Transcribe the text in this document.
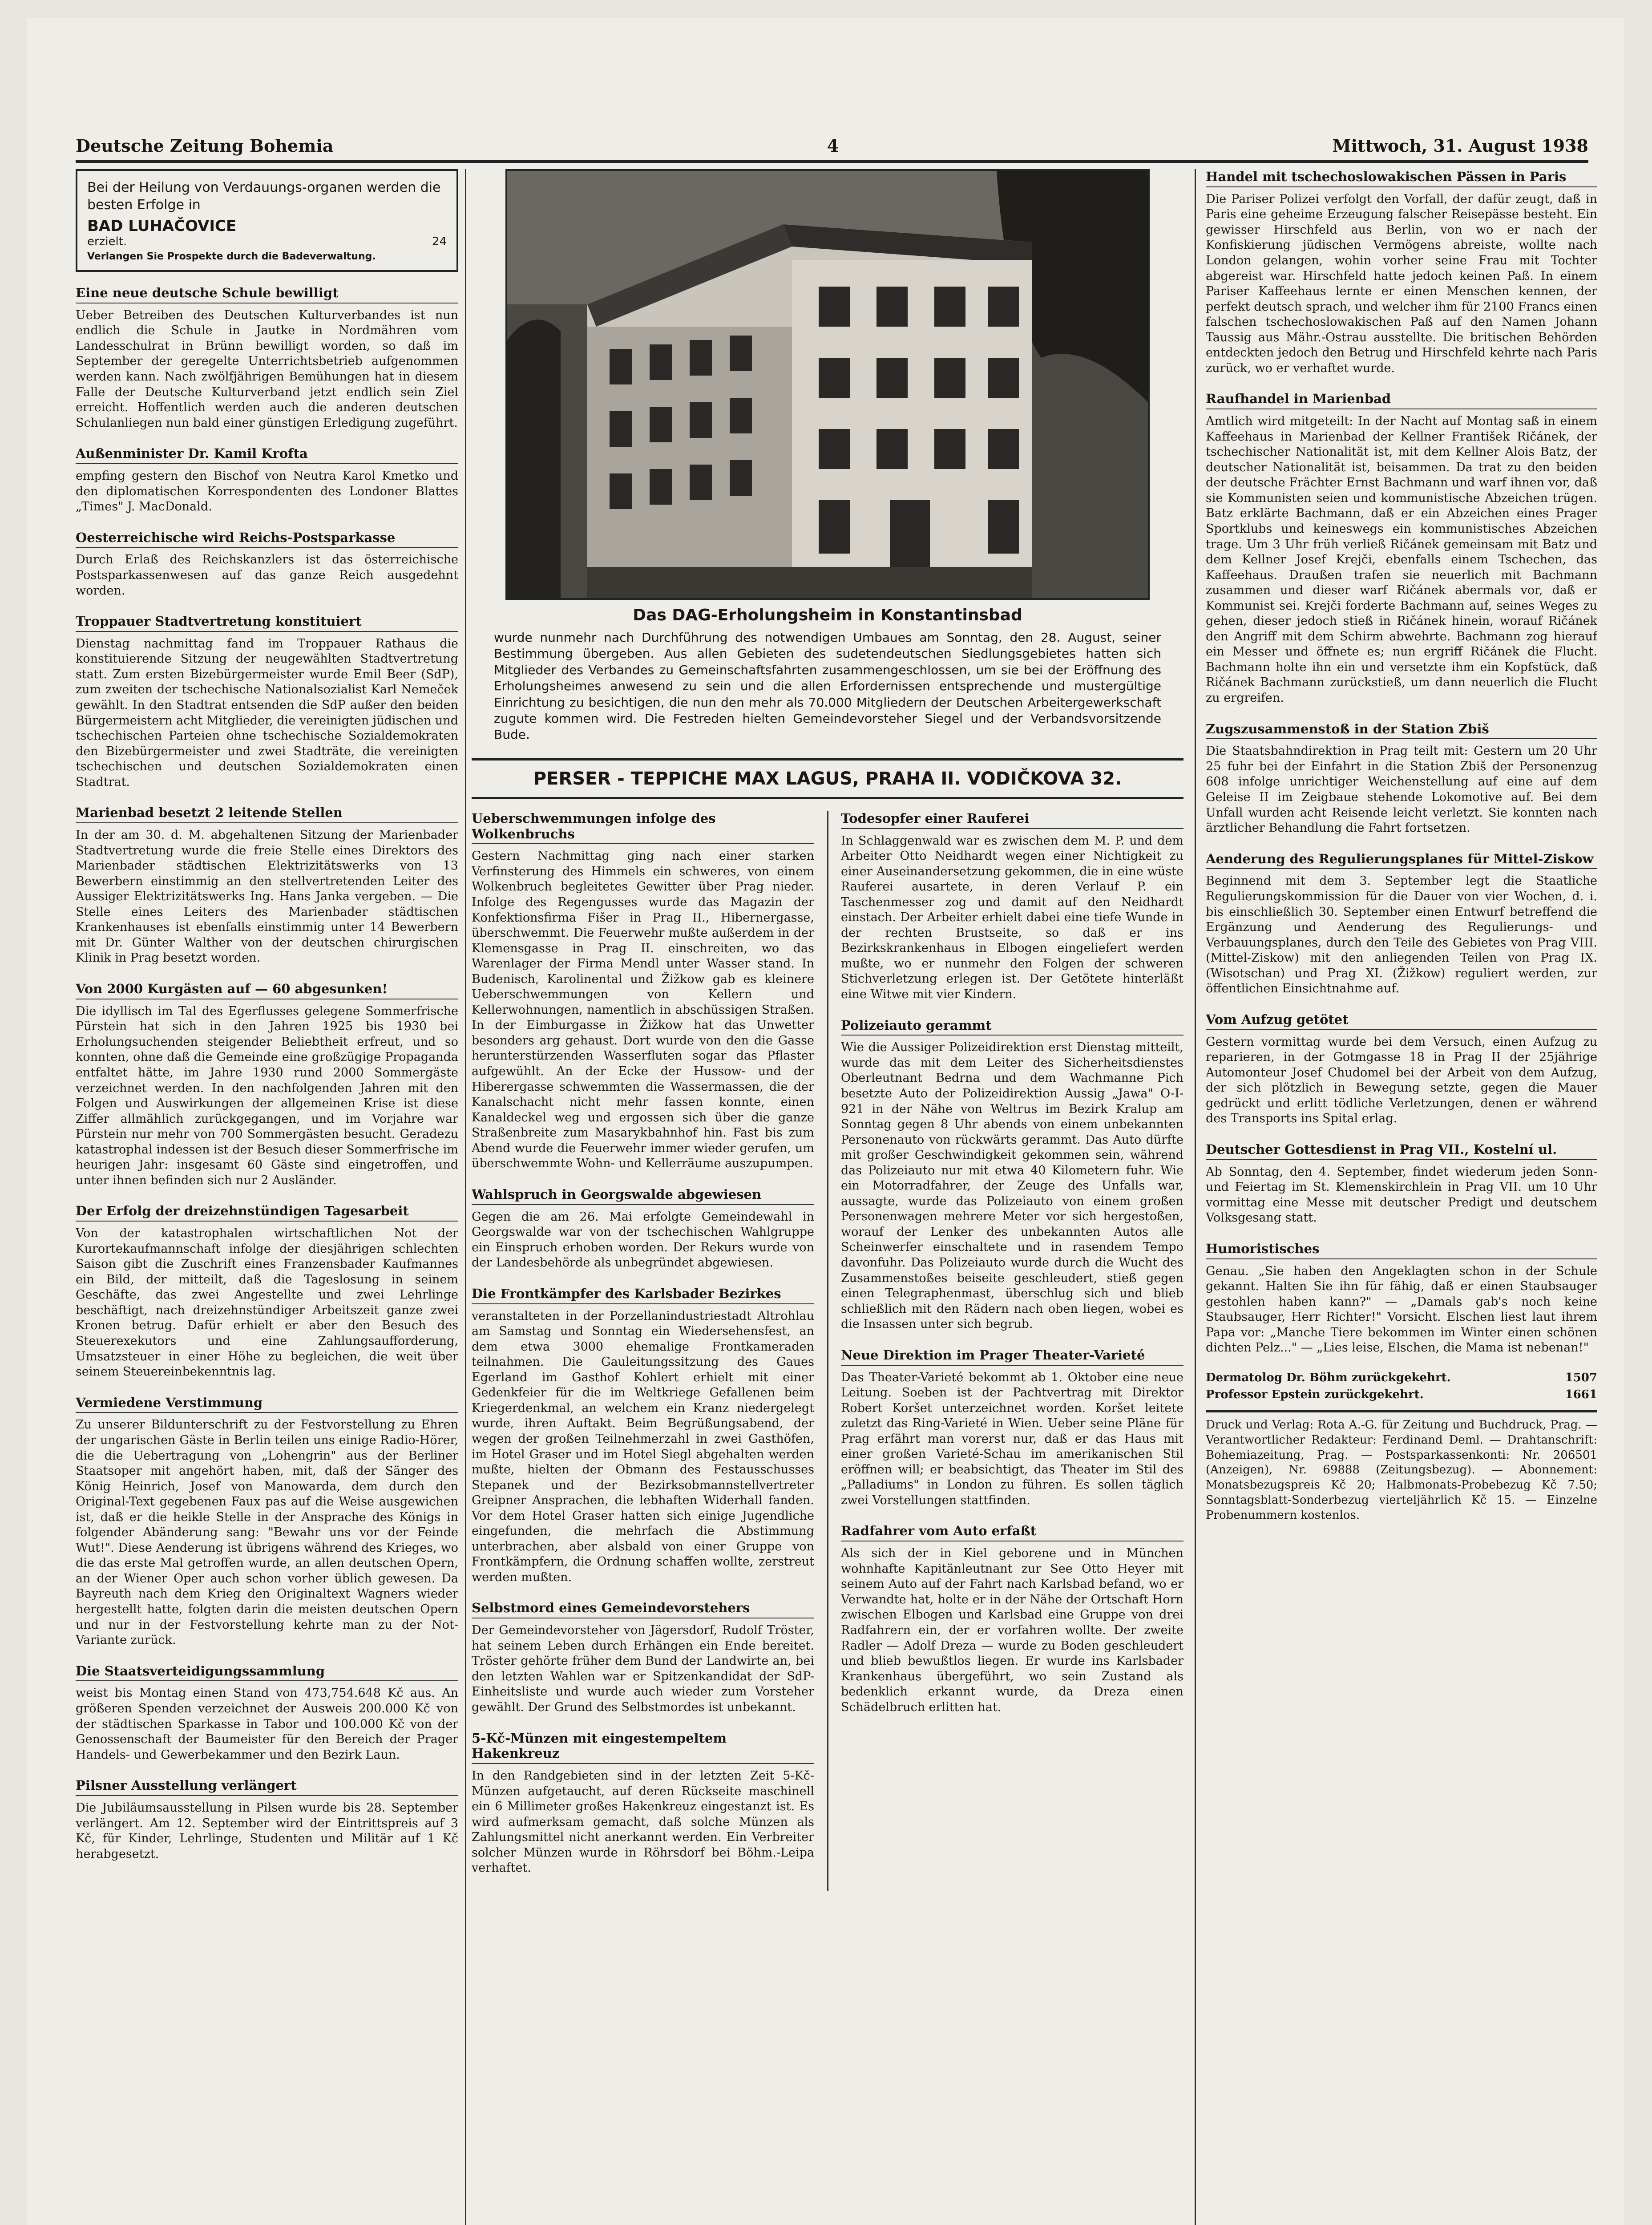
Deutsche Zeitung Bohemia	4	Mittwoch, 31. August 1938
Bei der Heilung von Verdauungs-organen werden die besten Erfolge in
BAD LUHAČOVICE
erzielt.	24
Verlangen Sie Prospekte durch die Badeverwaltung.
Eine neue deutsche Schule bewilligt

Ueber Betreiben des Deutschen Kulturverbandes ist nun endlich die Schule in Jautke in Nordmähren vom Landesschulrat in Brünn bewilligt worden, so daß im September der geregelte Unterrichtsbetrieb aufgenommen werden kann. Nach zwölfjährigen Bemühungen hat in diesem Falle der Deutsche Kulturverband jetzt endlich sein Ziel erreicht. Hoffentlich werden auch die anderen deutschen Schulanliegen nun bald einer günstigen Erledigung zugeführt.

Außenminister Dr. Kamil Krofta

empfing gestern den Bischof von Neutra Karol Kmetko und den diplomatischen Korrespondenten des Londoner Blattes „Times" J. MacDonald.

Oesterreichische wird Reichs-Postsparkasse

Durch Erlaß des Reichskanzlers ist das österreichische Postsparkassenwesen auf das ganze Reich ausgedehnt worden.

Troppauer Stadtvertretung konstituiert

Dienstag nachmittag fand im Troppauer Rathaus die konstituierende Sitzung der neugewählten Stadtvertretung statt. Zum ersten Bizebürgermeister wurde Emil Beer (SdP), zum zweiten der tschechische Nationalsozialist Karl Nemeček gewählt. In den Stadtrat entsenden die SdP außer den beiden Bürgermeistern acht Mitglieder, die vereinigten jüdischen und tschechischen Parteien ohne tschechische Sozialdemokraten den Bizebürgermeister und zwei Stadträte, die vereinigten tschechischen und deutschen Sozialdemokraten einen Stadtrat.

Marienbad besetzt 2 leitende Stellen

In der am 30. d. M. abgehaltenen Sitzung der Marienbader Stadtvertretung wurde die freie Stelle eines Direktors des Marienbader städtischen Elektrizitätswerks von 13 Bewerbern einstimmig an den stellvertretenden Leiter des Aussiger Elektrizitätswerks Ing. Hans Janka vergeben. — Die Stelle eines Leiters des Marienbader städtischen Krankenhauses ist ebenfalls einstimmig unter 14 Bewerbern mit Dr. Günter Walther von der deutschen chirurgischen Klinik in Prag besetzt worden.

Von 2000 Kurgästen auf — 60 abgesunken!

Die idyllisch im Tal des Egerflusses gelegene Sommerfrische Pürstein hat sich in den Jahren 1925 bis 1930 bei Erholungsuchenden steigender Beliebtheit erfreut, und so konnten, ohne daß die Gemeinde eine großzügige Propaganda entfaltet hätte, im Jahre 1930 rund 2000 Sommergäste verzeichnet werden. In den nachfolgenden Jahren mit den Folgen und Auswirkungen der allgemeinen Krise ist diese Ziffer allmählich zurückgegangen, und im Vorjahre war Pürstein nur mehr von 700 Sommergästen besucht. Geradezu katastrophal indessen ist der Besuch dieser Sommerfrische im heurigen Jahr: insgesamt 60 Gäste sind eingetroffen, und unter ihnen befinden sich nur 2 Ausländer.

Der Erfolg der dreizehnstündigen Tagesarbeit

Von der katastrophalen wirtschaftlichen Not der Kurortekaufmannschaft infolge der diesjährigen schlechten Saison gibt die Zuschrift eines Franzensbader Kaufmannes ein Bild, der mitteilt, daß die Tageslosung in seinem Geschäfte, das zwei Angestellte und zwei Lehrlinge beschäftigt, nach dreizehnstündiger Arbeitszeit ganze zwei Kronen betrug. Dafür erhielt er aber den Besuch des Steuerexekutors und eine Zahlungsaufforderung, Umsatzsteuer in einer Höhe zu begleichen, die weit über seinem Steuereinbekenntnis lag.

Vermiedene Verstimmung

Zu unserer Bildunterschrift zu der Festvorstellung zu Ehren der ungarischen Gäste in Berlin teilen uns einige Radio-Hörer, die die Uebertragung von „Lohengrin" aus der Berliner Staatsoper mit angehört haben, mit, daß der Sänger des König Heinrich, Josef von Manowarda, dem durch den Original-Text gegebenen Faux pas auf die Weise ausgewichen ist, daß er die heikle Stelle in der Ansprache des Königs in folgender Abänderung sang: "Bewahr uns vor der Feinde Wut!". Diese Aenderung ist übrigens während des Krieges, wo die das erste Mal getroffen wurde, an allen deutschen Opern, an der Wiener Oper auch schon vorher üblich gewesen. Da Bayreuth nach dem Krieg den Originaltext Wagners wieder hergestellt hatte, folgten darin die meisten deutschen Opern und nur in der Festvorstellung kehrte man zu der Not-Variante zurück.

Die Staatsverteidigungssammlung

weist bis Montag einen Stand von 473,754.648 Kč aus. An größeren Spenden verzeichnet der Ausweis 200.000 Kč von der städtischen Sparkasse in Tabor und 100.000 Kč von der Genossenschaft der Baumeister für den Bereich der Prager Handels- und Gewerbekammer und den Bezirk Laun.

Pilsner Ausstellung verlängert

Die Jubiläumsausstellung in Pilsen wurde bis 28. September verlängert. Am 12. September wird der Eintrittspreis auf 3 Kč, für Kinder, Lehrlinge, Studenten und Militär auf 1 Kč herabgesetzt.

Das DAG-Erholungsheim in Konstantinsbad
wurde nunmehr nach Durchführung des notwendigen Umbaues am Sonntag, den 28. August, seiner Bestimmung übergeben. Aus allen Gebieten des sudetendeutschen Siedlungsgebietes hatten sich Mitglieder des Verbandes zu Gemeinschaftsfahrten zusammengeschlossen, um sie bei der Eröffnung des Erholungsheimes anwesend zu sein und die allen Erfordernissen entsprechende und mustergültige Einrichtung zu besichtigen, die nun den mehr als 70.000 Mitgliedern der Deutschen Arbeitergewerkschaft zugute kommen wird. Die Festreden hielten Gemeindevorsteher Siegel und der Verbandsvorsitzende Bude.
PERSER - TEPPICHE MAX LAGUS, PRAHA II. VODIČKOVA 32.
Ueberschwemmungen infolge des Wolkenbruchs

Gestern Nachmittag ging nach einer starken Verfinsterung des Himmels ein schweres, von einem Wolkenbruch begleitetes Gewitter über Prag nieder. Infolge des Regengusses wurde das Magazin der Konfektionsfirma Fišer in Prag II., Hibernergasse, überschwemmt. Die Feuerwehr mußte außerdem in der Klemensgasse in Prag II. einschreiten, wo das Warenlager der Firma Mendl unter Wasser stand. In Budenisch, Karolinental und Žižkow gab es kleinere Ueberschwemmungen von Kellern und Kellerwohnungen, namentlich in abschüssigen Straßen. In der Eimburgasse in Žižkow hat das Unwetter besonders arg gehaust. Dort wurde von den die Gasse herunterstürzenden Wasserfluten sogar das Pflaster aufgewühlt. An der Ecke der Hussow- und der Hiberergasse schwemmten die Wassermassen, die der Kanalschacht nicht mehr fassen konnte, einen Kanaldeckel weg und ergossen sich über die ganze Straßenbreite zum Masarykbahnhof hin. Fast bis zum Abend wurde die Feuerwehr immer wieder gerufen, um überschwemmte Wohn- und Kellerräume auszupumpen.

Wahlspruch in Georgswalde abgewiesen

Gegen die am 26. Mai erfolgte Gemeindewahl in Georgswalde war von der tschechischen Wahlgruppe ein Einspruch erhoben worden. Der Rekurs wurde von der Landesbehörde als unbegründet abgewiesen.

Die Frontkämpfer des Karlsbader Bezirkes

veranstalteten in der Porzellanindustriestadt Altrohlau am Samstag und Sonntag ein Wiedersehensfest, an dem etwa 3000 ehemalige Frontkameraden teilnahmen. Die Gauleitungssitzung des Gaues Egerland im Gasthof Kohlert erhielt mit einer Gedenkfeier für die im Weltkriege Gefallenen beim Kriegerdenkmal, an welchem ein Kranz niedergelegt wurde, ihren Auftakt. Beim Begrüßungsabend, der wegen der großen Teilnehmerzahl in zwei Gasthöfen, im Hotel Graser und im Hotel Siegl abgehalten werden mußte, hielten der Obmann des Festausschusses Stepanek und der Bezirksobmannstellvertreter Greipner Ansprachen, die lebhaften Widerhall fanden. Vor dem Hotel Graser hatten sich einige Jugendliche eingefunden, die mehrfach die Abstimmung unterbrachen, aber alsbald von einer Gruppe von Frontkämpfern, die Ordnung schaffen wollte, zerstreut werden mußten.

Selbstmord eines Gemeindevorstehers

Der Gemeindevorsteher von Jägersdorf, Rudolf Tröster, hat seinem Leben durch Erhängen ein Ende bereitet. Tröster gehörte früher dem Bund der Landwirte an, bei den letzten Wahlen war er Spitzenkandidat der SdP-Einheitsliste und wurde auch wieder zum Vorsteher gewählt. Der Grund des Selbstmordes ist unbekannt.

5-Kč-Münzen mit eingestempeltem Hakenkreuz

In den Randgebieten sind in der letzten Zeit 5-Kč-Münzen aufgetaucht, auf deren Rückseite maschinell ein 6 Millimeter großes Hakenkreuz eingestanzt ist. Es wird aufmerksam gemacht, daß solche Münzen als Zahlungsmittel nicht anerkannt werden. Ein Verbreiter solcher Münzen wurde in Röhrsdorf bei Böhm.-Leipa verhaftet.

Todesopfer einer Rauferei

In Schlaggenwald war es zwischen dem M. P. und dem Arbeiter Otto Neidhardt wegen einer Nichtigkeit zu einer Auseinandersetzung gekommen, die in eine wüste Rauferei ausartete, in deren Verlauf P. ein Taschenmesser zog und damit auf den Neidhardt einstach. Der Arbeiter erhielt dabei eine tiefe Wunde in der rechten Brustseite, so daß er ins Bezirkskrankenhaus in Elbogen eingeliefert werden mußte, wo er nunmehr den Folgen der schweren Stichverletzung erlegen ist. Der Getötete hinterläßt eine Witwe mit vier Kindern.

Polizeiauto gerammt

Wie die Aussiger Polizeidirektion erst Dienstag mitteilt, wurde das mit dem Leiter des Sicherheitsdienstes Oberleutnant Bedrna und dem Wachmanne Pich besetzte Auto der Polizeidirektion Aussig „Jawa" O-I-921 in der Nähe von Weltrus im Bezirk Kralup am Sonntag gegen 8 Uhr abends von einem unbekannten Personenauto von rückwärts gerammt. Das Auto dürfte mit großer Geschwindigkeit gekommen sein, während das Polizeiauto nur mit etwa 40 Kilometern fuhr. Wie ein Motorradfahrer, der Zeuge des Unfalls war, aussagte, wurde das Polizeiauto von einem großen Personenwagen mehrere Meter vor sich hergestoßen, worauf der Lenker des unbekannten Autos alle Scheinwerfer einschaltete und in rasendem Tempo davonfuhr. Das Polizeiauto wurde durch die Wucht des Zusammenstoßes beiseite geschleudert, stieß gegen einen Telegraphenmast, überschlug sich und blieb schließlich mit den Rädern nach oben liegen, wobei es die Insassen unter sich begrub.

Neue Direktion im Prager Theater-Varieté

Das Theater-Varieté bekommt ab 1. Oktober eine neue Leitung. Soeben ist der Pachtvertrag mit Direktor Robert Koršet unterzeichnet worden. Koršet leitete zuletzt das Ring-Varieté in Wien. Ueber seine Pläne für Prag erfährt man vorerst nur, daß er das Haus mit einer großen Varieté-Schau im amerikanischen Stil eröffnen will; er beabsichtigt, das Theater im Stil des „Palladiums" in London zu führen. Es sollen täglich zwei Vorstellungen stattfinden.

Radfahrer vom Auto erfaßt

Als sich der in Kiel geborene und in München wohnhafte Kapitänleutnant zur See Otto Heyer mit seinem Auto auf der Fahrt nach Karlsbad befand, wo er Verwandte hat, holte er in der Nähe der Ortschaft Horn zwischen Elbogen und Karlsbad eine Gruppe von drei Radfahrern ein, der er vorfahren wollte. Der zweite Radler — Adolf Dreza — wurde zu Boden geschleudert und blieb bewußtlos liegen. Er wurde ins Karlsbader Krankenhaus übergeführt, wo sein Zustand als bedenklich erkannt wurde, da Dreza einen Schädelbruch erlitten hat.

Handel mit tschechoslowakischen Pässen in Paris

Die Pariser Polizei verfolgt den Vorfall, der dafür zeugt, daß in Paris eine geheime Erzeugung falscher Reisepässe besteht. Ein gewisser Hirschfeld aus Berlin, von wo er nach der Konfiskierung jüdischen Vermögens abreiste, wollte nach London gelangen, wohin vorher seine Frau mit Tochter abgereist war. Hirschfeld hatte jedoch keinen Paß. In einem Pariser Kaffeehaus lernte er einen Menschen kennen, der perfekt deutsch sprach, und welcher ihm für 2100 Francs einen falschen tschechoslowakischen Paß auf den Namen Johann Taussig aus Mähr.-Ostrau ausstellte. Die britischen Behörden entdeckten jedoch den Betrug und Hirschfeld kehrte nach Paris zurück, wo er verhaftet wurde.

Raufhandel in Marienbad

Amtlich wird mitgeteilt: In der Nacht auf Montag saß in einem Kaffeehaus in Marienbad der Kellner František Ričánek, der tschechischer Nationalität ist, mit dem Kellner Alois Batz, der deutscher Nationalität ist, beisammen. Da trat zu den beiden der deutsche Frächter Ernst Bachmann und warf ihnen vor, daß sie Kommunisten seien und kommunistische Abzeichen trügen. Batz erklärte Bachmann, daß er ein Abzeichen eines Prager Sportklubs und keineswegs ein kommunistisches Abzeichen trage. Um 3 Uhr früh verließ Ričánek gemeinsam mit Batz und dem Kellner Josef Krejči, ebenfalls einem Tschechen, das Kaffeehaus. Draußen trafen sie neuerlich mit Bachmann zusammen und dieser warf Ričánek abermals vor, daß er Kommunist sei. Krejči forderte Bachmann auf, seines Weges zu gehen, dieser jedoch stieß in Ričánek hinein, worauf Ričánek den Angriff mit dem Schirm abwehrte. Bachmann zog hierauf ein Messer und öffnete es; nun ergriff Ričánek die Flucht. Bachmann holte ihn ein und versetzte ihm ein Kopfstück, daß Ričánek Bachmann zurückstieß, um dann neuerlich die Flucht zu ergreifen.

Zugszusammenstoß in der Station Zbiš

Die Staatsbahndirektion in Prag teilt mit: Gestern um 20 Uhr 25 fuhr bei der Einfahrt in die Station Zbiš der Personenzug 608 infolge unrichtiger Weichenstellung auf eine auf dem Geleise II im Zeigbaue stehende Lokomotive auf. Bei dem Unfall wurden acht Reisende leicht verletzt. Sie konnten nach ärztlicher Behandlung die Fahrt fortsetzen.

Aenderung des Regulierungsplanes für Mittel-Ziskow

Beginnend mit dem 3. September legt die Staatliche Regulierungskommission für die Dauer von vier Wochen, d. i. bis einschließlich 30. September einen Entwurf betreffend die Ergänzung und Aenderung des Regulierungs- und Verbauungsplanes, durch den Teile des Gebietes von Prag VIII. (Mittel-Ziskow) mit den anliegenden Teilen von Prag IX. (Wisotschan) und Prag XI. (Žižkow) reguliert werden, zur öffentlichen Einsichtnahme auf.

Vom Aufzug getötet

Gestern vormittag wurde bei dem Versuch, einen Aufzug zu reparieren, in der Gotmgasse 18 in Prag II der 25jährige Automonteur Josef Chudomel bei der Arbeit von dem Aufzug, der sich plötzlich in Bewegung setzte, gegen die Mauer gedrückt und erlitt tödliche Verletzungen, denen er während des Transports ins Spital erlag.

Deutscher Gottesdienst in Prag VII., Kostelní ul.

Ab Sonntag, den 4. September, findet wiederum jeden Sonn- und Feiertag im St. Klemenskirchlein in Prag VII. um 10 Uhr vormittag eine Messe mit deutscher Predigt und deutschem Volksgesang statt.

Humoristisches

Genau. „Sie haben den Angeklagten schon in der Schule gekannt. Halten Sie ihn für fähig, daß er einen Staubsauger gestohlen haben kann?" — „Damals gab's noch keine Staubsauger, Herr Richter!" Vorsicht. Elschen liest laut ihrem Papa vor: „Manche Tiere bekommen im Winter einen schönen dichten Pelz..." — „Lies leise, Elschen, die Mama ist nebenan!"

Dermatolog Dr. Böhm zurückgekehrt.	1507
Professor Epstein zurückgekehrt.	1661
Druck und Verlag: Rota A.-G. für Zeitung und Buchdruck, Prag. — Verantwortlicher Redakteur: Ferdinand Deml. — Drahtanschrift: Bohemiazeitung, Prag. — Postsparkassenkonti: Nr. 206501 (Anzeigen), Nr. 69888 (Zeitungsbezug). — Abonnement: Monatsbezugspreis Kč 20; Halbmonats-Probebezug Kč 7.50; Sonntagsblatt-Sonderbezug vierteljährlich Kč 15. — Einzelne Probenummern kostenlos.
